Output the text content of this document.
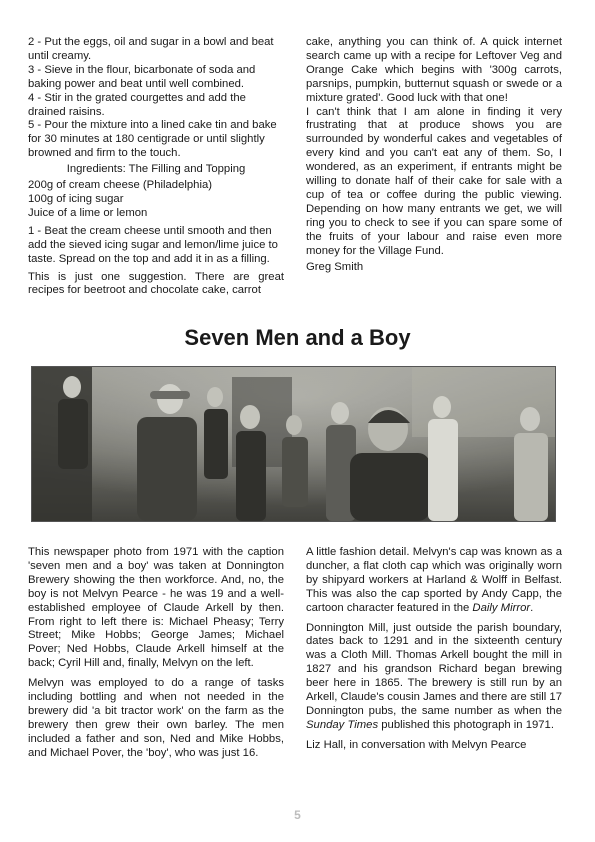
2 - Put the eggs, oil and sugar in a bowl and beat until creamy.

3 - Sieve in the flour, bicarbonate of soda and baking power and beat until well combined.

4 - Stir in the grated courgettes and add the drained raisins.

5 - Pour the mixture into a lined cake tin and bake for 30 minutes at 180 centigrade or until slightly browned and firm to the touch.

Ingredients: The Filling and Topping

200g of cream cheese (Philadelphia)

100g of icing sugar

Juice of a lime or lemon

1 - Beat the cream cheese until smooth and then add the sieved icing sugar and lemon/lime juice to taste. Spread on the top and add it in as a filling.

This is just one suggestion. There are great recipes for beetroot and chocolate cake, carrot

cake, anything you can think of. A quick internet search came up with a recipe for Leftover Veg and Orange Cake which begins with '300g carrots, parsnips, pumpkin, butternut squash or swede or a mixture grated'. Good luck with that one!

I can't think that I am alone in finding it very frustrating that at produce shows you are surrounded by wonderful cakes and vegetables of every kind and you can't eat any of them. So, I wondered, as an experiment, if entrants might be willing to donate half of their cake for sale with a cup of tea or coffee during the public viewing. Depending on how many entrants we get, we will ring you to check to see if you can spare some of the fruits of your labour and raise even more money for the Village Fund.

Greg Smith

Seven Men and a Boy

This newspaper photo from 1971 with the caption 'seven men and a boy' was taken at Donnington Brewery showing the then workforce. And, no, the boy is not Melvyn Pearce - he was 19 and a well-established employee of Claude Arkell by then. From right to left there is: Michael Pheasy; Terry Street; Mike Hobbs; George James; Michael Pover; Ned Hobbs, Claude Arkell himself at the back; Cyril Hill and, finally, Melvyn on the left.

Melvyn was employed to do a range of tasks including bottling and when not needed in the brewery did 'a bit tractor work' on the farm as the brewery then grew their own barley. The men included a father and son, Ned and Mike Hobbs, and Michael Pover, the 'boy', who was just 16.

A little fashion detail. Melvyn's cap was known as a duncher, a flat cloth cap which was originally worn by shipyard workers at Harland & Wolff in Belfast. This was also the cap sported by Andy Capp, the cartoon character featured in the Daily Mirror.

Donnington Mill, just outside the parish boundary, dates back to 1291 and in the sixteenth century was a Cloth Mill. Thomas Arkell bought the mill in 1827 and his grandson Richard began brewing beer here in 1865. The brewery is still run by an Arkell, Claude's cousin James and there are still 17 Donnington pubs, the same number as when the Sunday Times published this photograph in 1971.

Liz Hall, in conversation with Melvyn Pearce

5
